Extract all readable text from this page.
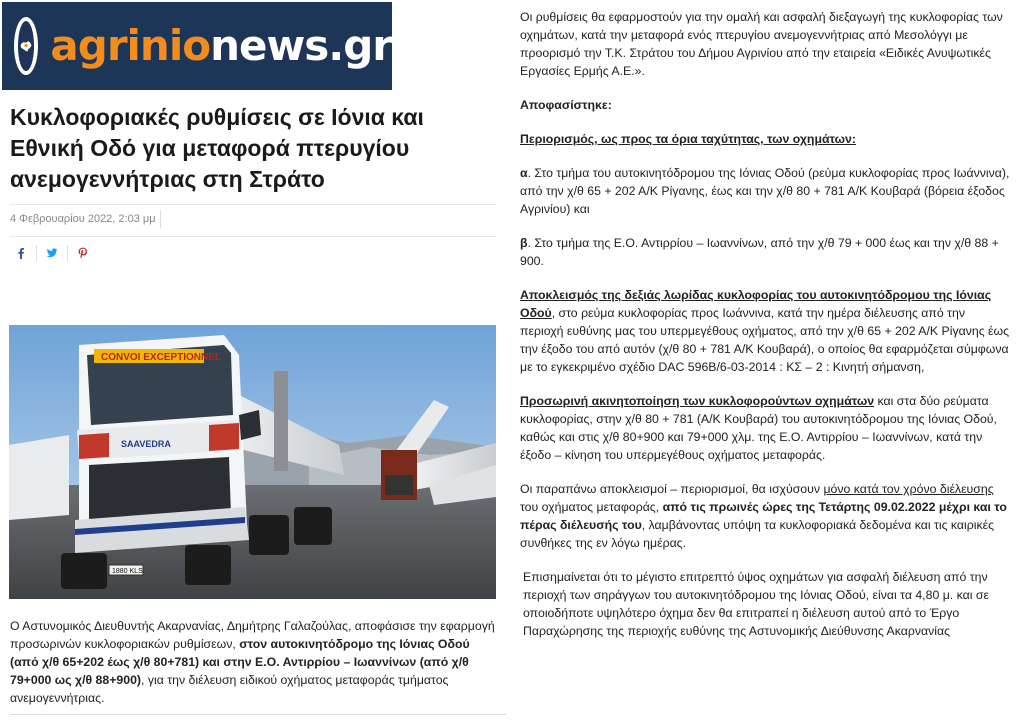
agrinionews.gr
Κυκλοφοριακές ρυθμίσεις σε Ιόνια και Εθνική Οδό για μεταφορά πτερυγίου ανεμογεννήτριας στη Στράτο
4 Φεβρουαρίου 2022, 2:03 μμ
CONVOI EXCEPTIONNEL
SAAVEDRA
1880 KLS

Ο Αστυνομικός Διευθυντής Ακαρνανίας, Δημήτρης Γαλαζούλας, αποφάσισε την εφαρμογή προσωρινών κυκλοφοριακών ρυθμίσεων, στον αυτοκινητόδρομο της Ιόνιας Οδού (από χ/θ 65+202 έως χ/θ 80+781) και στην Ε.Ο. Αντιρρίου – Ιωαννίνων (από χ/θ 79+000 ως χ/θ 88+900), για την διέλευση ειδικού οχήματος μεταφοράς τμήματος ανεμογεννήτριας.

Οι ρυθμίσεις θα εφαρμοστούν για την ομαλή και ασφαλή διεξαγωγή της κυκλοφορίας των οχημάτων, κατά την μεταφορά ενός πτερυγίου ανεμογεννήτριας από Μεσολόγγι με προορισμό την Τ.Κ. Στράτου του Δήμου Αγρινίου από την εταιρεία «Ειδικές Ανυψωτικές Εργασίες Ερμής Α.Ε.».

Αποφασίστηκε:

Περιορισμός, ως προς τα όρια ταχύτητας, των οχημάτων:

α. Στο τμήμα του αυτοκινητόδρομου της Ιόνιας Οδού (ρεύμα κυκλοφορίας προς Ιωάννινα), από την χ/θ 65 + 202 Α/Κ Ρίγανης, έως και την χ/θ 80 + 781 Α/Κ Κουβαρά (βόρεια έξοδος Αγρινίου) και

β. Στο τμήμα της Ε.Ο. Αντιρρίου – Ιωαννίνων, από την χ/θ 79 + 000 έως και την χ/θ 88 + 900.

Αποκλεισμός της δεξιάς λωρίδας κυκλοφορίας του αυτοκινητόδρομου της Ιόνιας Οδού, στο ρεύμα κυκλοφορίας προς Ιωάννινα, κατά την ημέρα διέλευσης από την περιοχή ευθύνης μας του υπερμεγέθους οχήματος, από την χ/θ 65 + 202 Α/Κ Ρίγανης έως την έξοδο του από αυτόν (χ/θ 80 + 781 Α/Κ Κουβαρά), ο οποίος θα εφαρμόζεται σύμφωνα με το εγκεκριμένο σχέδιο DAC 596Β/6-03-2014 : ΚΣ – 2 : Κινητή σήμανση,

Προσωρινή ακινητοποίηση των κυκλοφορούντων οχημάτων και στα δύο ρεύματα κυκλοφορίας, στην χ/θ 80 + 781 (Α/Κ Κουβαρά) του αυτοκινητόδρομου της Ιόνιας Οδού, καθώς και στις χ/θ 80+900 και 79+000 χλμ. της Ε.Ο. Αντιρρίου – Ιωαννίνων, κατά την έξοδο – κίνηση του υπερμεγέθους οχήματος μεταφοράς.

Οι παραπάνω αποκλεισμοί – περιορισμοί, θα ισχύσουν μόνο κατά τον χρόνο διέλευσης του οχήματος μεταφοράς, από τις πρωινές ώρες της Τετάρτης 09.02.2022 μέχρι και το πέρας διέλευσής του, λαμβάνοντας υπόψη τα κυκλοφοριακά δεδομένα και τις καιρικές συνθήκες της εν λόγω ημέρας.

Επισημαίνεται ότι το μέγιστο επιτρεπτό ύψος οχημάτων για ασφαλή διέλευση από την περιοχή των σηράγγων του αυτοκινητόδρομου της Ιόνιας Οδού, είναι τα 4,80 μ. και σε οποιοδήποτε υψηλότερο όχημα δεν θα επιτραπεί η διέλευση αυτού από το Έργο Παραχώρησης της περιοχής ευθύνης της Αστυνομικής Διεύθυνσης Ακαρνανίας
